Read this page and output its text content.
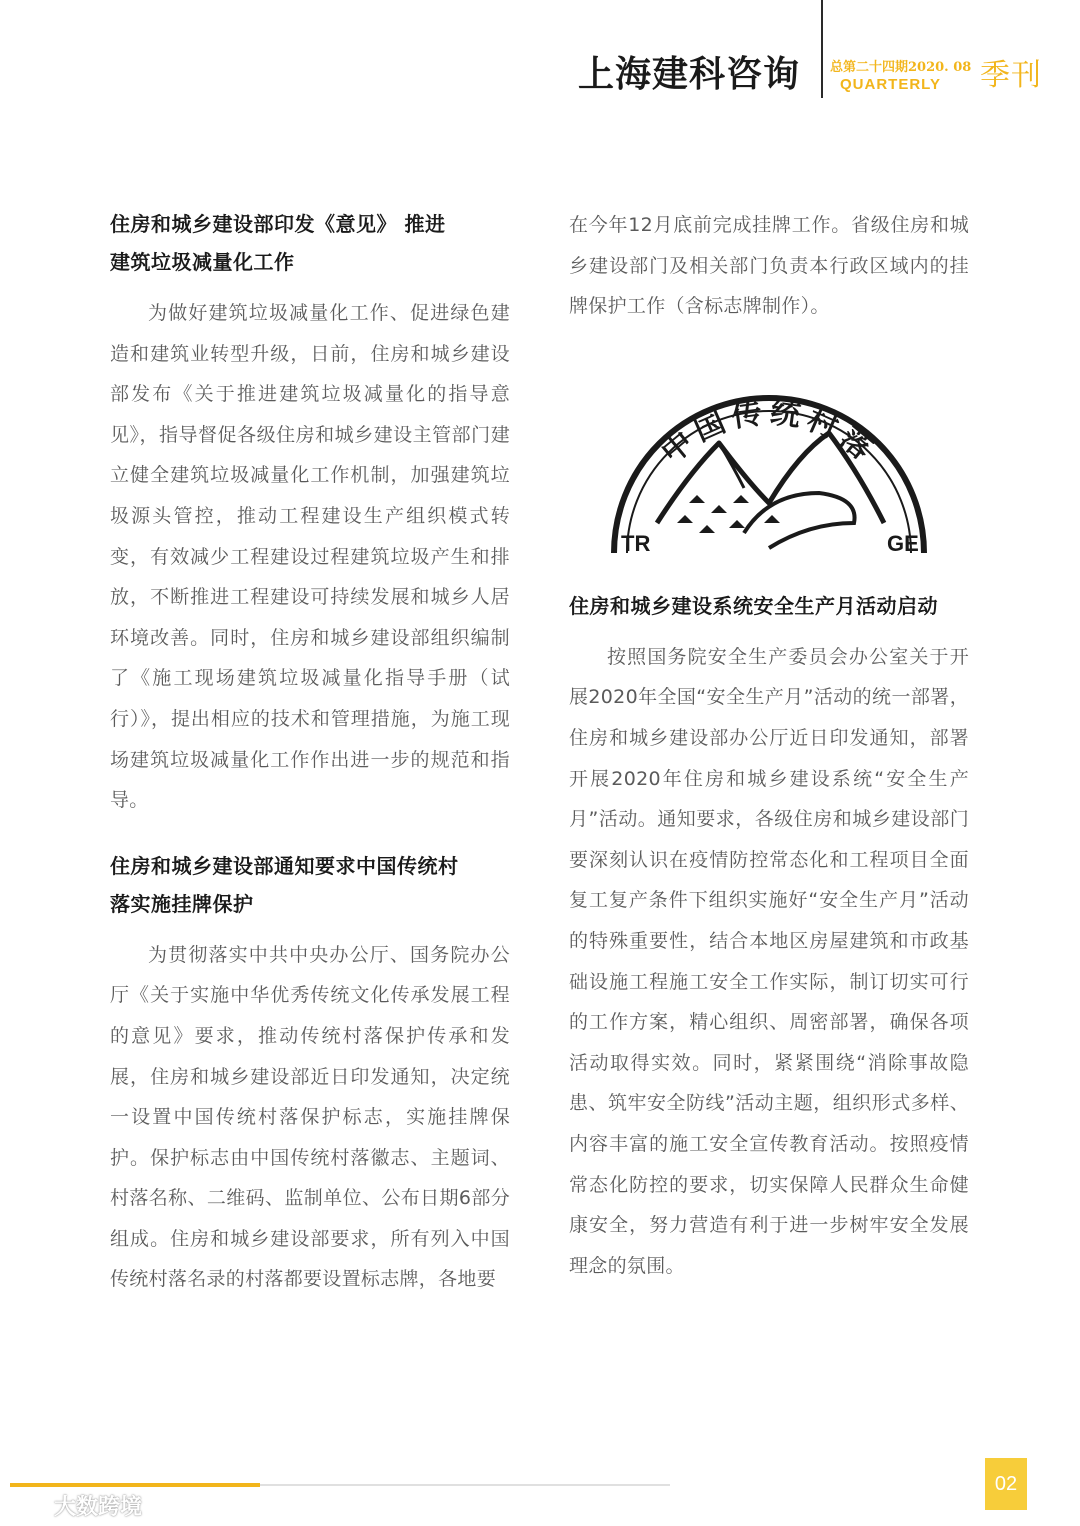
上海建科咨询	总第二十四期2020. 08
QUARTERLY	季刊
住房和城乡建设部印发《意见》 推进
建筑垃圾减量化工作

为做好建筑垃圾减量化工作、促进绿色建造和建筑业转型升级，日前，住房和城乡建设部发布《关于推进建筑垃圾减量化的指导意见》，指导督促各级住房和城乡建设主管部门建立健全建筑垃圾减量化工作机制，加强建筑垃圾源头管控，推动工程建设生产组织模式转变，有效减少工程建设过程建筑垃圾产生和排放，不断推进工程建设可持续发展和城乡人居环境改善。同时，住房和城乡建设部组织编制了《施工现场建筑垃圾减量化指导手册（试行）》，提出相应的技术和管理措施，为施工现场建筑垃圾减量化工作作出进一步的规范和指导。

住房和城乡建设部通知要求中国传统村
落实施挂牌保护

为贯彻落实中共中央办公厅、国务院办公厅《关于实施中华优秀传统文化传承发展工程的意见》要求，推动传统村落保护传承和发展，住房和城乡建设部近日印发通知，决定统一设置中国传统村落保护标志，实施挂牌保护。保护标志由中国传统村落徽志、主题词、村落名称、二维码、监制单位、公布日期6部分组成。住房和城乡建设部要求，所有列入中国传统村落名录的村落都要设置标志牌，各地要

在今年12月底前完成挂牌工作。省级住房和城乡建设部门及相关部门负责本行政区域内的挂牌保护工作（含标志牌制作）。

中国传统村落
TR	GE
住房和城乡建设系统安全生产月活动启动

按照国务院安全生产委员会办公室关于开展2020年全国“安全生产月”活动的统一部署，住房和城乡建设部办公厅近日印发通知，部署开展2020年住房和城乡建设系统“安全生产月”活动。通知要求，各级住房和城乡建设部门要深刻认识在疫情防控常态化和工程项目全面复工复产条件下组织实施好“安全生产月”活动的特殊重要性，结合本地区房屋建筑和市政基础设施工程施工安全工作实际，制订切实可行的工作方案，精心组织、周密部署，确保各项活动取得实效。同时，紧紧围绕“消除事故隐患、筑牢安全防线”活动主题，组织形式多样、内容丰富的施工安全宣传教育活动。按照疫情常态化防控的要求，切实保障人民群众生命健康安全，努力营造有利于进一步树牢安全发展理念的氛围。

02
大数跨境
